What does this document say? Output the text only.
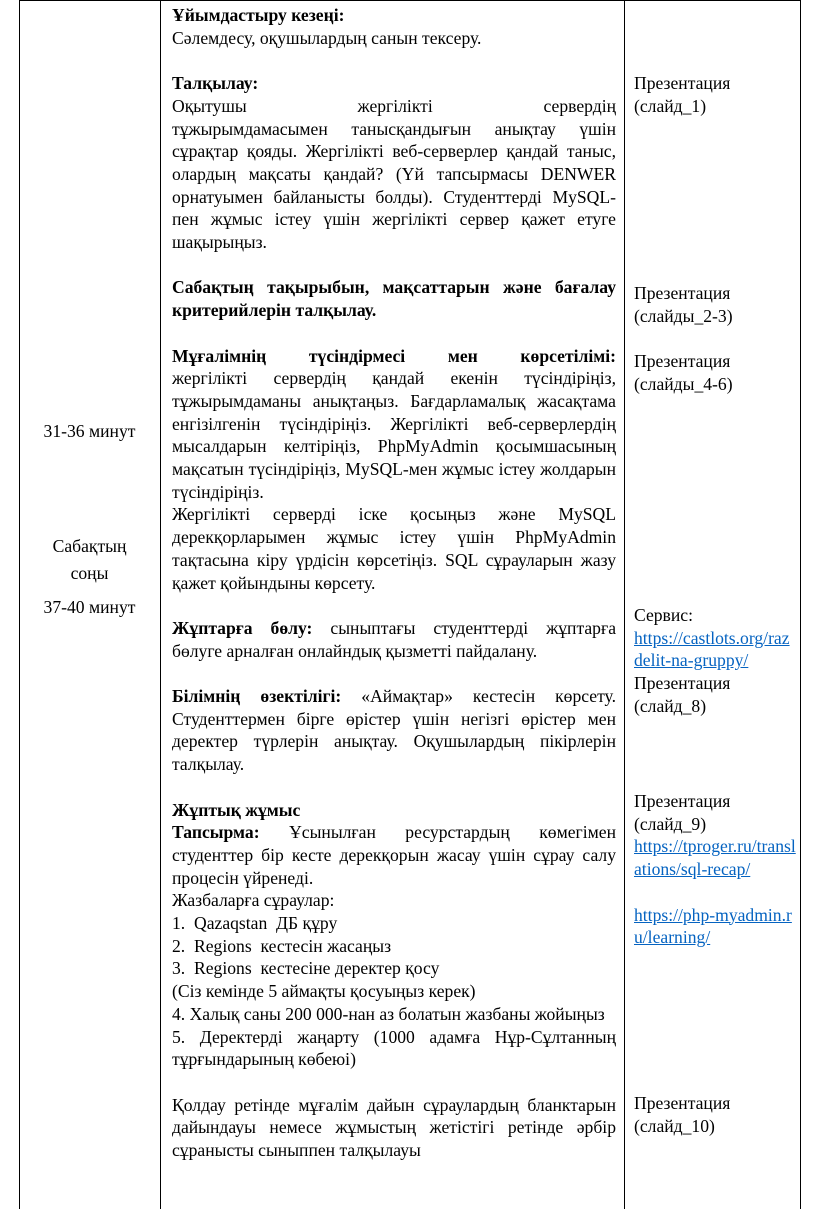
31-36 минут

Сабақтың

соңы

37-40 минут

Ұйымдастыру кезеңі:

Сәлемдесу, оқушылардың санын тексеру.

Талқылау:

Оқытушы жергілікті сервердің

тұжырымдамасымен танысқандығын анықтау үшін сұрақтар қояды. Жергілікті веб-серверлер қандай таныс, олардың мақсаты қандай? (Үй тапсырмасы DENWER орнатуымен байланысты болды). Студенттерді MySQL-пен жұмыс істеу үшін жергілікті сервер қажет етуге шақырыңыз.

Сабақтың тақырыбын, мақсаттарын және бағалау критерийлерін талқылау.

Мұғалімнің түсіндірмесі мен көрсетілімі:

жергілікті сервердің қандай екенін түсіндіріңіз, тұжырымдаманы анықтаңыз. Бағдарламалық жасақтама енгізілгенін түсіндіріңіз. Жергілікті веб-серверлердің мысалдарын келтіріңіз, PhpMyAdmin қосымшасының мақсатын түсіндіріңіз, MySQL-мен жұмыс істеу жолдарын түсіндіріңіз.

Жергілікті серверді іске қосыңыз және MySQL дерекқорларымен жұмыс істеу үшін PhpMyAdmin тақтасына кіру үрдісін көрсетіңіз. SQL сұрауларын жазу қажет қойындыны көрсету.

Жұптарға бөлу: сыныптағы студенттерді жұптарға бөлуге арналған онлайндық қызметті пайдалану.

Білімнің өзектілігі: «Аймақтар» кестесін көрсету. Студенттермен бірге өрістер үшін негізгі өрістер мен деректер түрлерін анықтау. Оқушылардың пікірлерін талқылау.

Жұптық жұмыс

Тапсырма: Ұсынылған ресурстардың көмегімен студенттер бір кесте дерекқорын жасау үшін сұрау салу процесін үйренеді.

Жазбаларға сұраулар:

1.  Qazaqstan  ДБ құру

2.  Regions  кестесін жасаңыз

3.  Regions  кестесіне деректер қосу

(Сіз кемінде 5 аймақты қосуыңыз керек)

4. Халық саны 200 000-нан аз болатын жазбаны жойыңыз

5. Деректерді жаңарту (1000 адамға Нұр-Сұлтанның тұрғындарының көбеюі)

Қолдау ретінде мұғалім дайын сұраулардың бланктарын дайындауы немесе жұмыстың жетістігі ретінде әрбір сұранысты сыныппен талқылауы

Презентация

(слайд_1)

Презентация

(слайды_2-3)

Презентация

(слайды_4-6)

Сервис:

https://castlots.org/razdelit-na-gruppy/

Презентация

(слайд_8)

Презентация

(слайд_9)

https://tproger.ru/translations/sql-recap/

https://php-myadmin.ru/learning/

Презентация

(слайд_10)
